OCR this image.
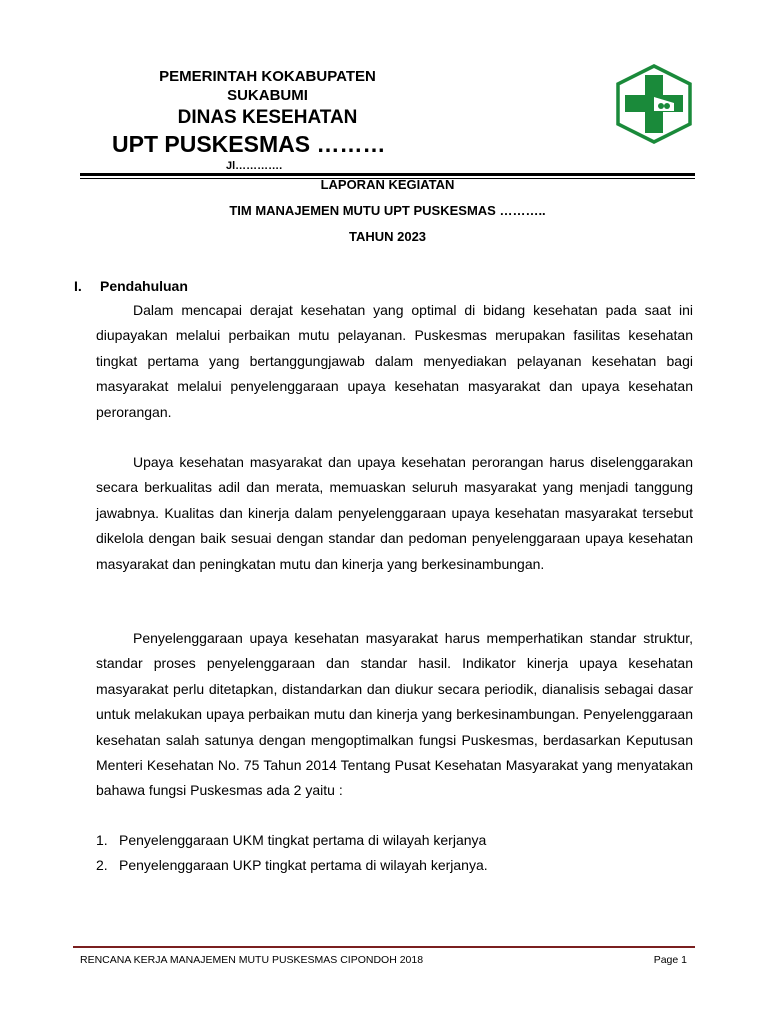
PEMERINTAH KOKABUPATEN
SUKABUMI
DINAS KESEHATAN
UPT PUSKESMAS ………
Jl………….
LAPORAN KEGIATAN
TIM MANAJEMEN MUTU UPT PUSKESMAS ………..
TAHUN 2023
I. Pendahuluan
Dalam mencapai derajat kesehatan yang optimal di bidang kesehatan pada saat ini diupayakan melalui perbaikan mutu pelayanan. Puskesmas merupakan fasilitas kesehatan tingkat pertama yang bertanggungjawab dalam menyediakan pelayanan kesehatan bagi masyarakat melalui penyelenggaraan upaya kesehatan masyarakat dan upaya kesehatan perorangan.
Upaya kesehatan masyarakat dan upaya kesehatan perorangan harus diselenggarakan secara berkualitas adil dan merata, memuaskan seluruh masyarakat yang menjadi tanggung jawabnya. Kualitas dan kinerja dalam penyelenggaraan upaya kesehatan masyarakat tersebut dikelola dengan baik sesuai dengan standar dan pedoman penyelenggaraan upaya kesehatan masyarakat dan peningkatan mutu dan kinerja yang berkesinambungan.
Penyelenggaraan upaya kesehatan masyarakat harus memperhatikan standar struktur, standar proses penyelenggaraan dan standar hasil. Indikator kinerja upaya kesehatan masyarakat perlu ditetapkan, distandarkan dan diukur secara periodik, dianalisis sebagai dasar untuk melakukan upaya perbaikan mutu dan kinerja yang berkesinambungan. Penyelenggaraan kesehatan salah satunya dengan mengoptimalkan fungsi Puskesmas, berdasarkan Keputusan Menteri Kesehatan No. 75 Tahun 2014 Tentang Pusat Kesehatan Masyarakat yang menyatakan bahawa fungsi Puskesmas ada 2 yaitu :
1. Penyelenggaraan UKM tingkat pertama di wilayah kerjanya
2. Penyelenggaraan UKP tingkat pertama di wilayah kerjanya.
RENCANA KERJA MANAJEMEN MUTU PUSKESMAS CIPONDOH 2018	Page 1
